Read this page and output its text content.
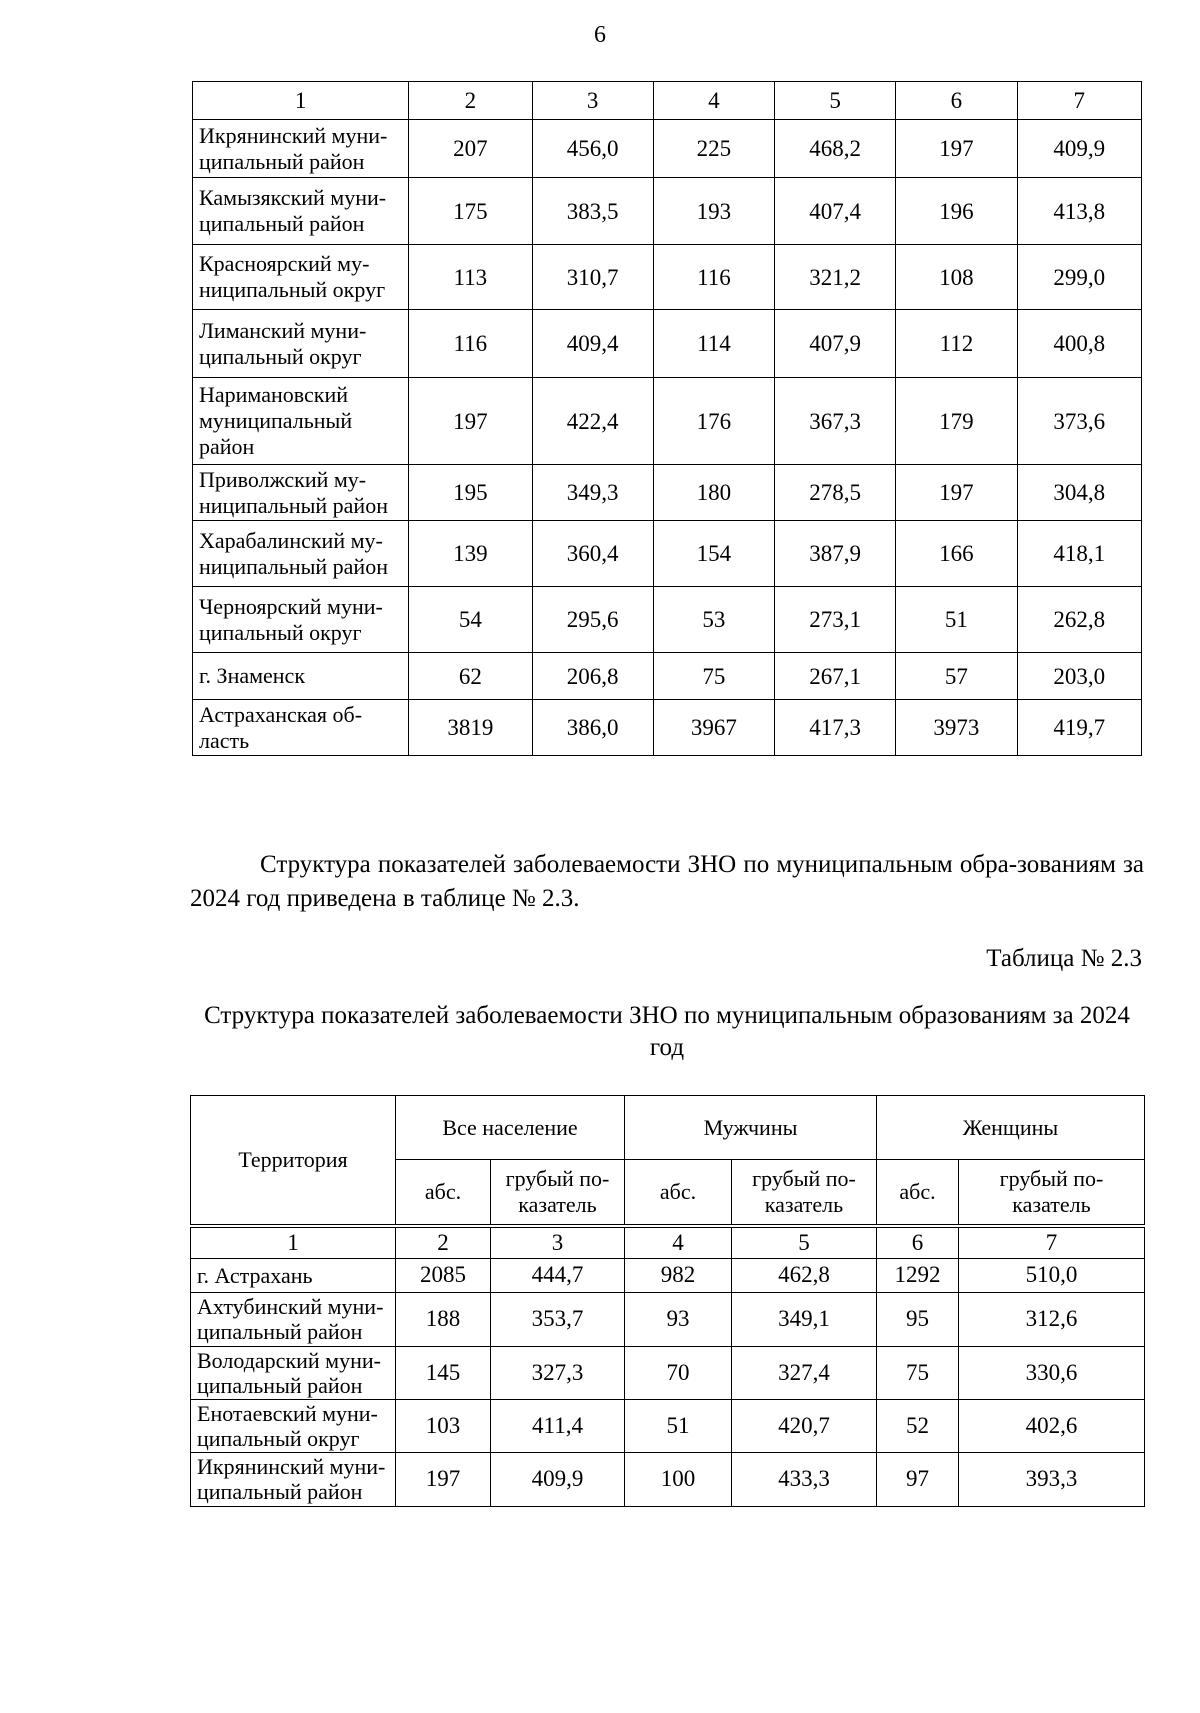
6
1	2	3	4	5	6	7
Икрянинский муни-ципальный район	207	456,0	225	468,2	197	409,9
Камызякский муни-ципальный район	175	383,5	193	407,4	196	413,8
Красноярский му-ниципальный округ	113	310,7	116	321,2	108	299,0
Лиманский муни-ципальный округ	116	409,4	114	407,9	112	400,8
Наримановский муниципальный район	197	422,4	176	367,3	179	373,6
Приволжский му-ниципальный район	195	349,3	180	278,5	197	304,8
Харабалинский му-ниципальный район	139	360,4	154	387,9	166	418,1
Черноярский муни-ципальный округ	54	295,6	53	273,1	51	262,8
г. Знаменск	62	206,8	75	267,1	57	203,0
Астраханская об-ласть	3819	386,0	3967	417,3	3973	419,7
Структура показателей заболеваемости ЗНО по муниципальным обра-зованиям за 2024 год приведена в таблице № 2.3.
Таблица № 2.3
Структура показателей заболеваемости ЗНО по муниципальным образованиям за 2024 год
Территория	Все население		Мужчины		Женщины	
	абс.	грубый по-казатель	абс.	грубый по-казатель	абс.	грубый по-казатель
1	2	3	4	5	6	7
г. Астрахань	2085	444,7	982	462,8	1292	510,0
Ахтубинский муни-ципальный район	188	353,7	93	349,1	95	312,6
Володарский муни-ципальный район	145	327,3	70	327,4	75	330,6
Енотаевский муни-ципальный округ	103	411,4	51	420,7	52	402,6
Икрянинский муни-ципальный район	197	409,9	100	433,3	97	393,3
